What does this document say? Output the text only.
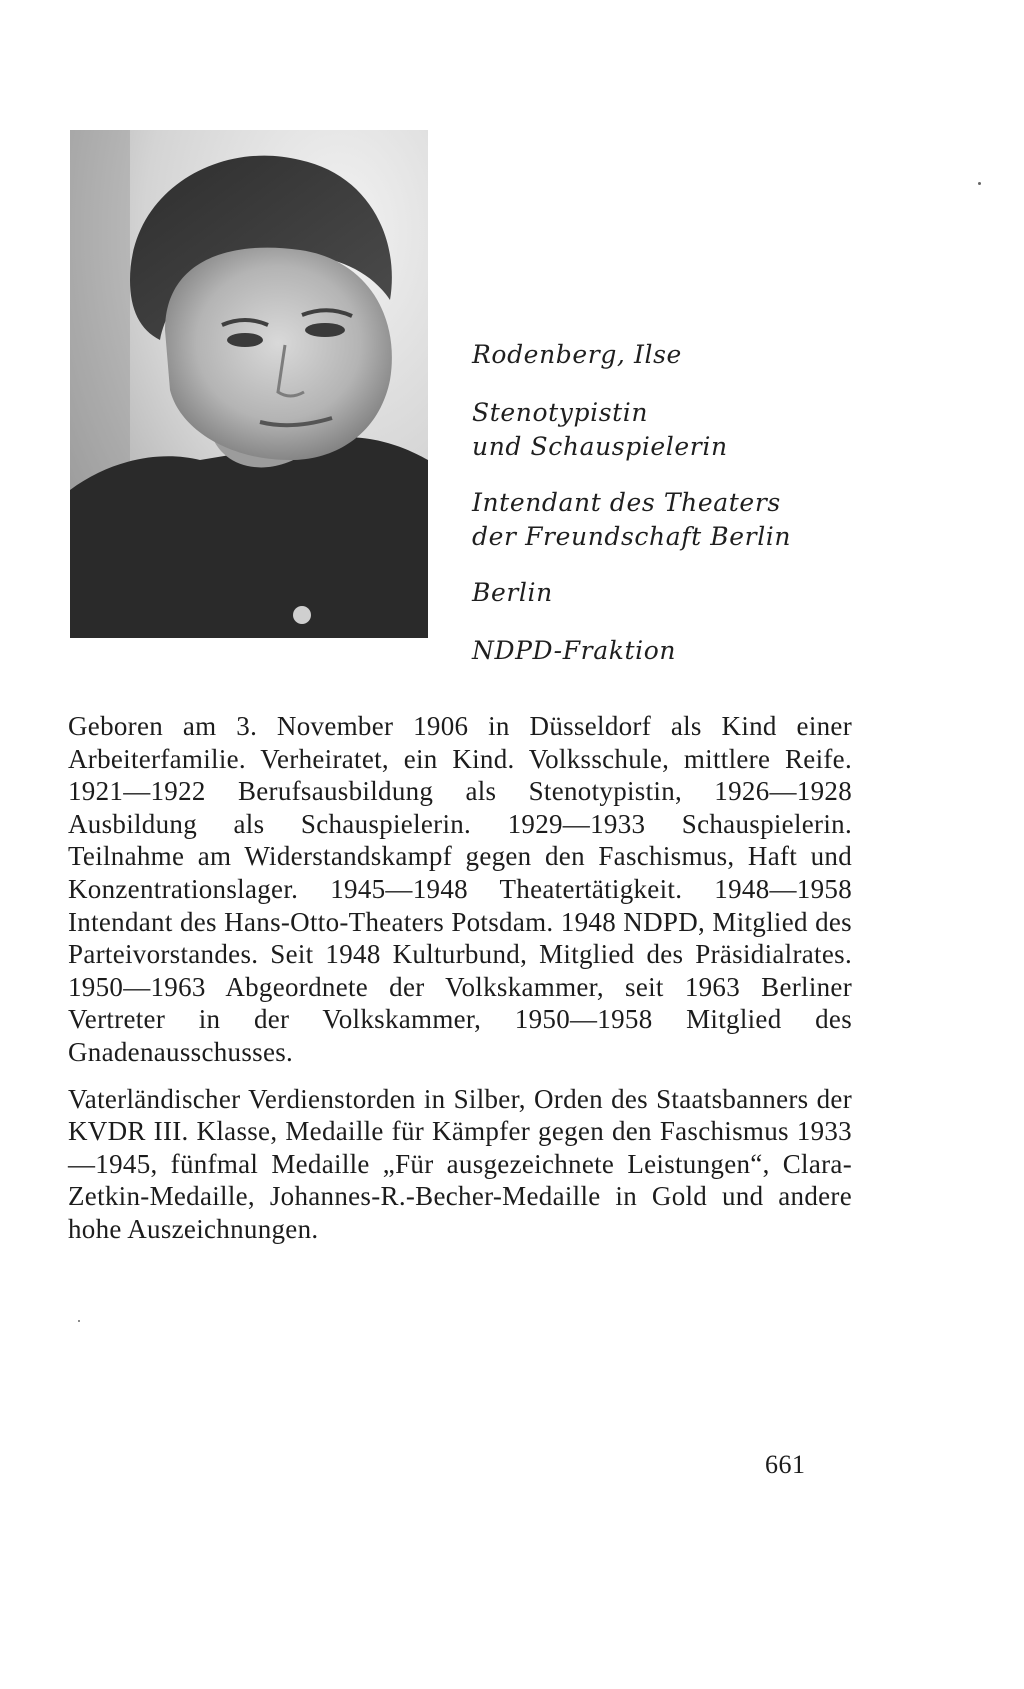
Rodenberg, Ilse
Stenotypistin
und Schauspielerin
Intendant des Theaters
der Freundschaft Berlin
Berlin
NDPD-Fraktion

Geboren am 3. November 1906 in Düsseldorf als Kind einer Arbeiterfamilie. Verheiratet, ein Kind. Volksschule, mittlere Reife. 1921—1922 Berufsausbildung als Stenotypistin, 1926—1928 Ausbildung als Schauspielerin. 1929—1933 Schauspielerin. Teilnahme am Widerstandskampf gegen den Faschismus, Haft und Konzentrationslager. 1945—1948 Theatertätigkeit. 1948—1958 Intendant des Hans-Otto-Theaters Potsdam. 1948 NDPD, Mitglied des Parteivorstandes. Seit 1948 Kulturbund, Mitglied des Präsidialrates. 1950—1963 Abgeordnete der Volkskammer, seit 1963 Berliner Vertreter in der Volkskammer, 1950—1958 Mitglied des Gnadenausschusses.

Vaterländischer Verdienstorden in Silber, Orden des Staatsbanners der KVDR III. Klasse, Medaille für Kämpfer gegen den Faschismus 1933—1945, fünfmal Medaille „Für ausgezeichnete Leistungen“, Clara-Zetkin-Medaille, Johannes-R.-Becher-Medaille in Gold und andere hohe Auszeichnungen.

661
